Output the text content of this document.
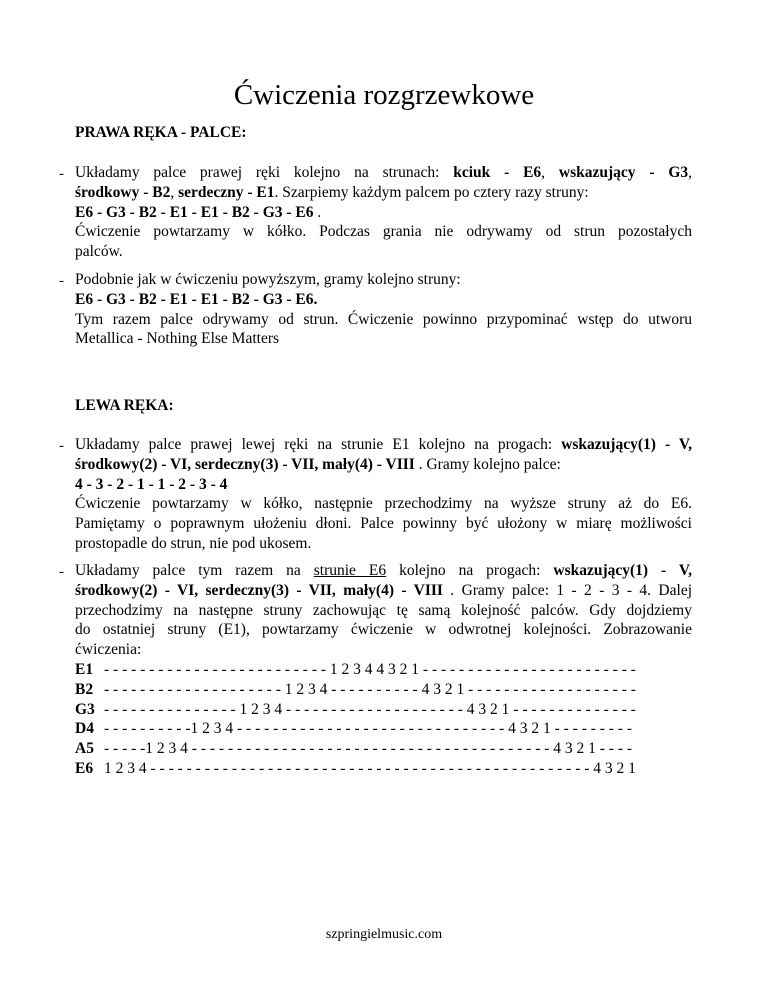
Ćwiczenia rozgrzewkowe
PRAWA RĘKA - PALCE:
- Układamy palce prawej ręki kolejno na strunach: kciuk - E6, wskazujący - G3,
środkowy - B2, serdeczny - E1. Szarpiemy każdym palcem po cztery razy struny:
E6 - G3 - B2 - E1 - E1 - B2 - G3 - E6 .
Ćwiczenie powtarzamy w kółko. Podczas grania nie odrywamy od strun pozostałych
palców.
- Podobnie jak w ćwiczeniu powyższym, gramy kolejno struny:
E6 - G3 - B2 - E1 - E1 - B2 - G3 - E6.
Tym razem palce odrywamy od strun. Ćwiczenie powinno przypominać wstęp do utworu
Metallica - Nothing Else Matters
LEWA RĘKA:
- Układamy palce prawej lewej ręki na strunie E1 kolejno na progach: wskazujący(1) - V,
środkowy(2) - VI, serdeczny(3) - VII, mały(4) - VIII . Gramy kolejno palce:
4 - 3 - 2 - 1 - 1 - 2 - 3 - 4
Ćwiczenie powtarzamy w kółko, następnie przechodzimy na wyższe struny aż do E6.
Pamiętamy o poprawnym ułożeniu dłoni. Palce powinny być ułożony w miarę możliwości
prostopadle do strun, nie pod ukosem.
- Układamy palce tym razem na strunie E6 kolejno na progach: wskazujący(1) - V,
środkowy(2) - VI, serdeczny(3) - VII, mały(4) - VIII . Gramy palce: 1 - 2 - 3 - 4. Dalej
przechodzimy na następne struny zachowując tę samą kolejność palców. Gdy dojdziemy
do ostatniej struny (E1), powtarzamy ćwiczenie w odwrotnej kolejności. Zobrazowanie
ćwiczenia:
E1 - - - - - - - - - - - - - - - - - - - - - - - - - 1 2 3 4 4 3 2 1 - - - - - - - - - - - - - - - - - - - - - - - -
B2 - - - - - - - - - - - - - - - - - - - - 1 2 3 4 - - - - - - - - - - 4 3 2 1 - - - - - - - - - - - - - - - - - - -
G3 - - - - - - - - - - - - - - - 1 2 3 4 - - - - - - - - - - - - - - - - - - - - 4 3 2 1 - - - - - - - - - - - - - -
D4 - - - - - - - - - -1 2 3 4 - - - - - - - - - - - - - - - - - - - - - - - - - - - - - - 4 3 2 1 - - - - - - - - -
A5 - - - - -1 2 3 4 - - - - - - - - - - - - - - - - - - - - - - - - - - - - - - - - - - - - - - - - 4 3 2 1 - - - -
E6 1 2 3 4 - - - - - - - - - - - - - - - - - - - - - - - - - - - - - - - - - - - - - - - - - - - - - - - - - 4 3 2 1
szpringielmusic.com
